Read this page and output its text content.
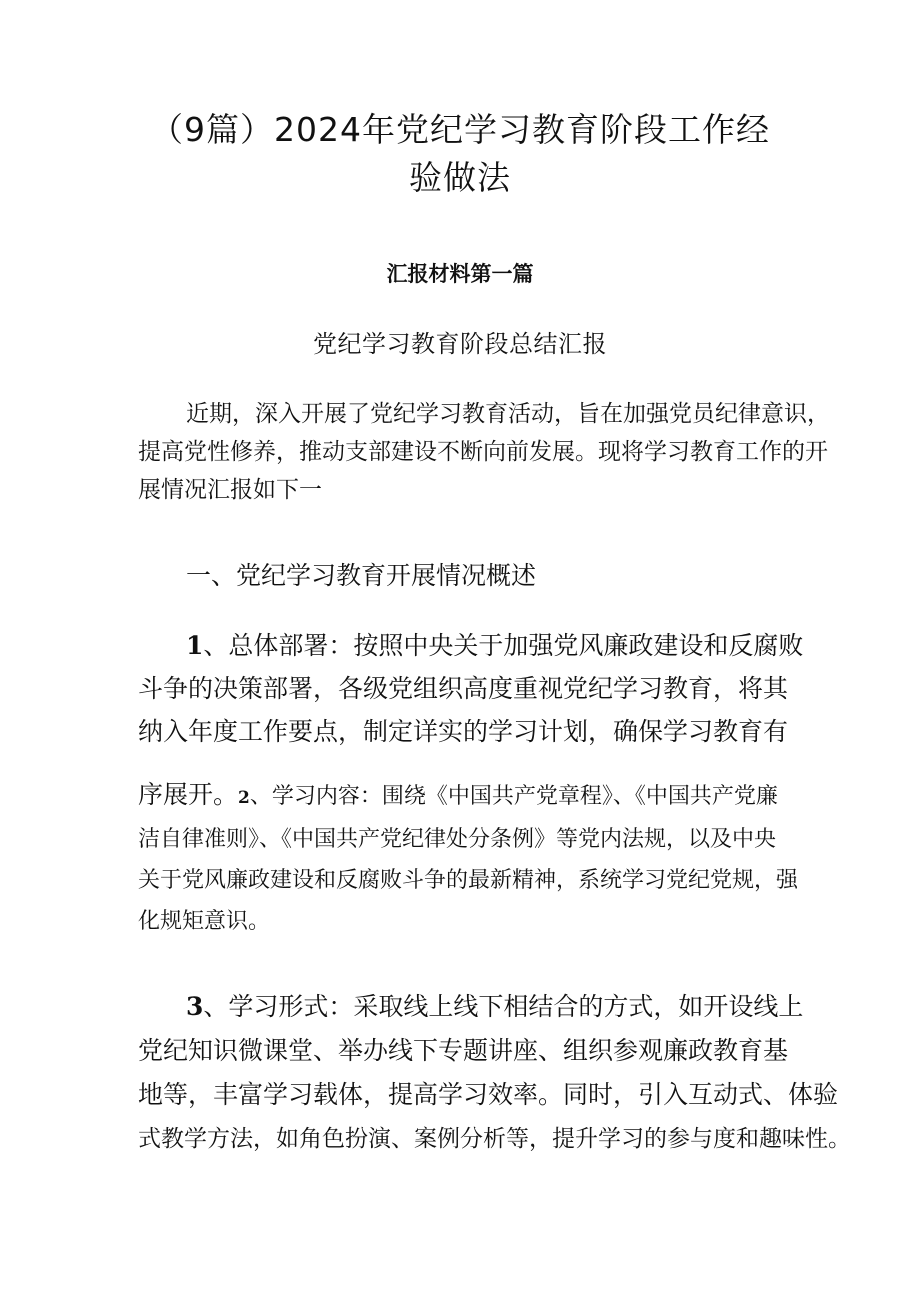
（9篇）2024年党纪学习教育阶段工作经
验做法
汇报材料第一篇
党纪学习教育阶段总结汇报
近期，深入开展了党纪学习教育活动，旨在加强党员纪律意识，
提高党性修养，推动支部建设不断向前发展。现将学习教育工作的开
展情况汇报如下一
一、党纪学习教育开展情况概述
1、总体部署：按照中央关于加强党风廉政建设和反腐败
斗争的决策部署，各级党组织高度重视党纪学习教育，将其
纳入年度工作要点，制定详实的学习计划，确保学习教育有
序展开。2、学习内容：围绕《中国共产党章程》、《中国共产党廉
洁自律准则》、《中国共产党纪律处分条例》等党内法规，以及中央
关于党风廉政建设和反腐败斗争的最新精神，系统学习党纪党规，强
化规矩意识。
3、学习形式：采取线上线下相结合的方式，如开设线上
党纪知识微课堂、举办线下专题讲座、组织参观廉政教育基
地等，丰富学习载体，提高学习效率。同时，引入互动式、体验
式教学方法，如角色扮演、案例分析等，提升学习的参与度和趣味性。
